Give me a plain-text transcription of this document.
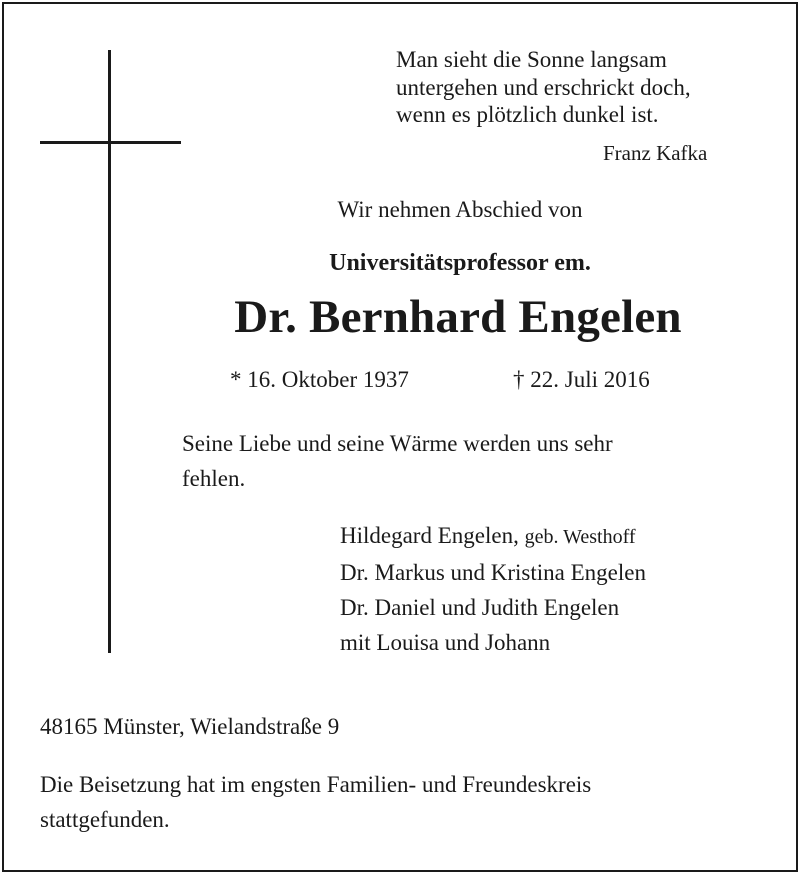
Man sieht die Sonne langsam
untergehen und erschrickt doch,
wenn es plötzlich dunkel ist.
Franz Kafka
Wir nehmen Abschied von
Universitätsprofessor em.
Dr. Bernhard Engelen
* 16. Oktober 1937	† 22. Juli 2016
Seine Liebe und seine Wärme werden uns sehr
fehlen.
Hildegard Engelen, geb. Westhoff
Dr. Markus und Kristina Engelen
Dr. Daniel und Judith Engelen
mit Louisa und Johann
48165 Münster, Wielandstraße 9
Die Beisetzung hat im engsten Familien- und Freundeskreis
stattgefunden.
